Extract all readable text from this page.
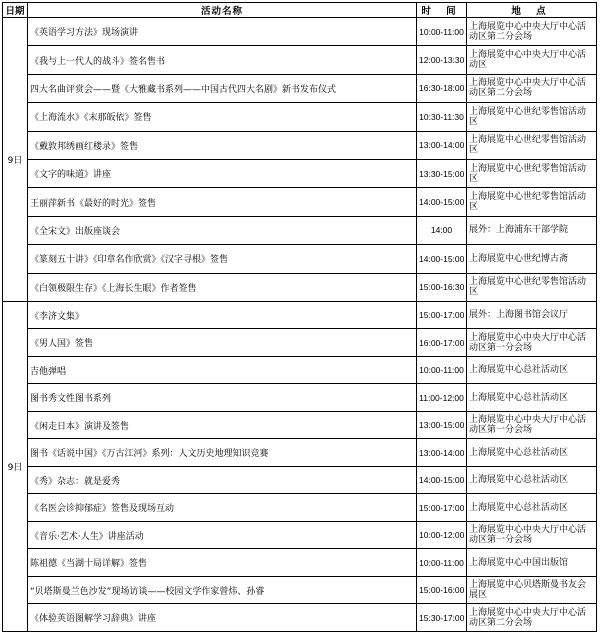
日期	活动名称	时 间	地 点
9日	《英语学习方法》现场演讲	10:00-11:00	上海展览中心中央大厅中心活动区第二分会场
	《我与上一代人的战斗》签名售书	12:00-13:30	上海展览中心中央大厅中心活动区
	四大名曲评赏会——暨《大雅藏书系列——中国古代四大名剧》新书发布仪式	16:30-18:00	上海展览中心中央大厅中心活动区第二分会场
	《上海流水》《末那皈依》签售	10:30-11:30	上海展览中心世纪零售馆活动区
	《戴敦邦绣画红楼录》签售	13:00-14:00	上海展览中心世纪零售馆活动区
	《文字的味道》讲座	13:30-15:00	上海展览中心世纪零售馆活动区
	王丽萍新书《最好的时光》签售	14:00-15:00	上海展览中心世纪零售馆活动区
	《全宋文》出版座谈会	14:00	展外：上海浦东干部学院
	《篆刻五十讲》《印章名作欣赏》《汉字寻根》签售	14:00-15:00	上海展览中心世纪博古斋
	《白领极限生存》《上海长生眼》作者签售	15:00-16:30	上海展览中心世纪零售馆活动区
9日	《李济文集》	15:00-17:00	展外：上海图书馆会议厅
	《男人国》签售	16:00-17:00	上海展览中心中央大厅中心活动区第一分会场
	吉他弹唱	10:00-11:00	上海展览中心总社活动区
	图书秀文性图书系列	11:00-12:00	上海展览中心总社活动区
	《闲走日本》演讲及签售	13:00-15:00	上海展览中心中央大厅中心活动区第一分会场
	图书《话说中国》《万古江河》系列：人文历史地理知识竞赛	13:00-14:00	上海展览中心总社活动区
	《秀》杂志：就是爱秀	14:00-15:00	上海展览中心总社活动区
	《名医会诊抑郁症》签售及现场互动	15:00-17:00	上海展览中心总社活动区
	《音乐·艺术·人生》讲座活动	10:00-12:00	上海展览中心中央大厅中心活动区第一分会场
	陈祖德《当湖十局详解》签售	10:00-11:00	上海展览中心中国出版馆
	“贝塔斯曼兰色沙发”现场访谈——校园文学作家曾炜、孙睿	15:00-16:00	上海展览中心贝塔斯曼书友会展区
	《体验英语图解学习辞典》讲座	15:30-17:00	上海展览中心中央大厅中心活动区第二分会场
